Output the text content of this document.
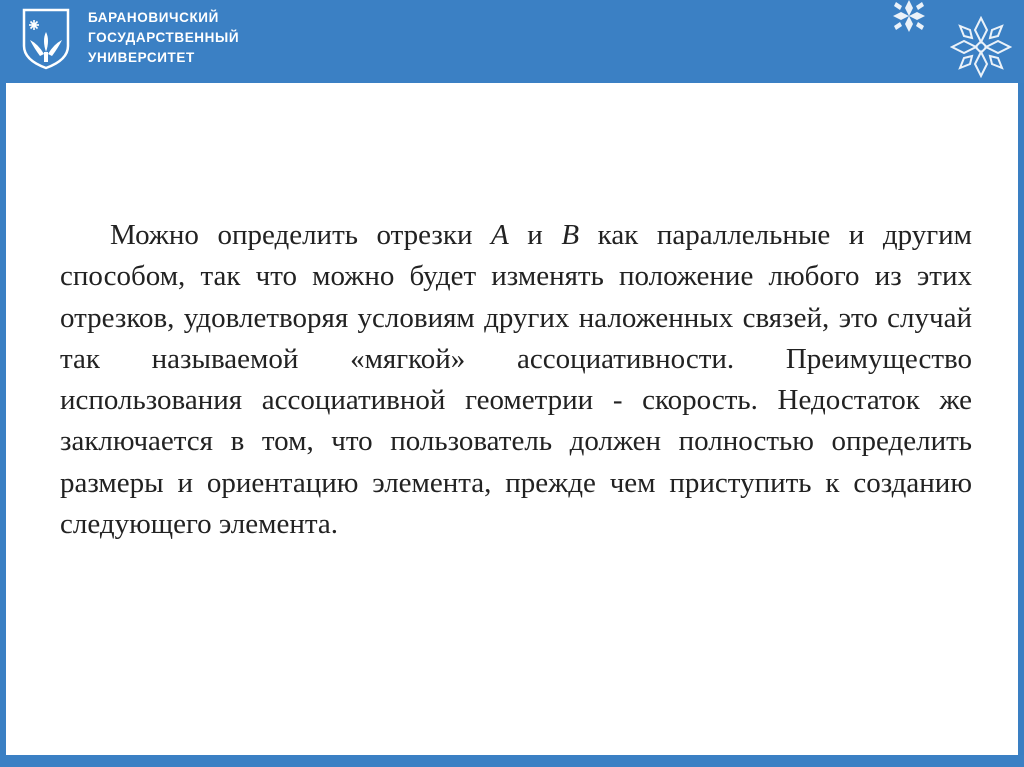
БАРАНОВИЧСКИЙ
ГОСУДАРСТВЕННЫЙ
УНИВЕРСИТЕТ

Можно определить отрезки A и B как параллельные и другим способом, так что можно будет изменять положение любого из этих отрезков, удовлетворяя условиям других наложенных связей, это случай так называемой «мягкой» ассоциативности. Преимущество использования ассоциативной геометрии - скорость. Недостаток же заключается в том, что пользователь должен полностью определить размеры и ориентацию элемента, прежде чем приступить к созданию следующего элемента.
